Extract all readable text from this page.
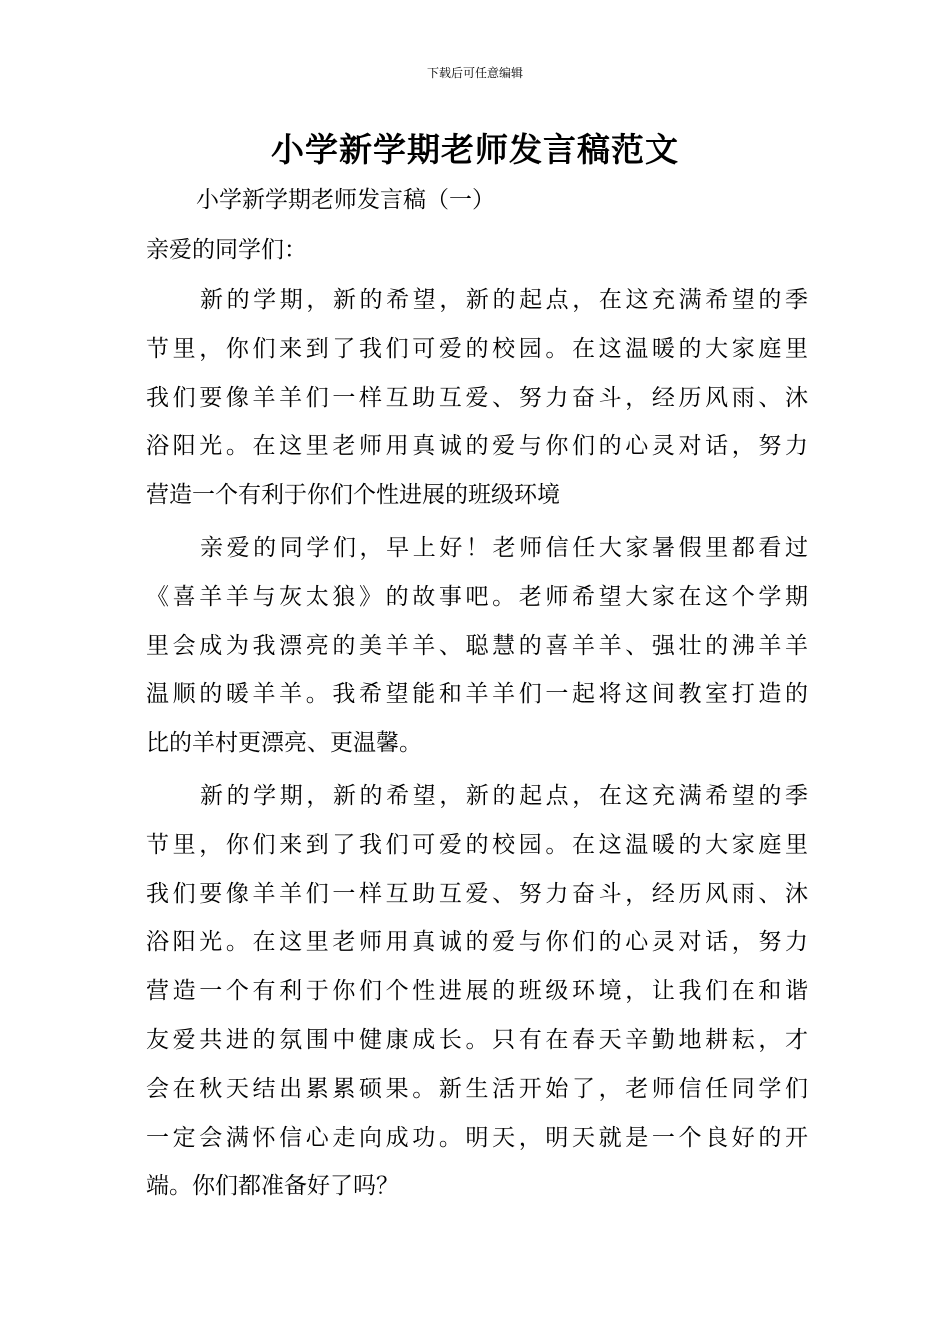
下载后可任意编辑
小学新学期老师发言稿范文
小学新学期老师发言稿（一）
亲爱的同学们：
新的学期，新的希望，新的起点，在这充满希望的季
节里，你们来到了我们可爱的校园。在这温暖的大家庭里
我们要像羊羊们一样互助互爱、努力奋斗，经历风雨、沐
浴阳光。在这里老师用真诚的爱与你们的心灵对话，努力
营造一个有利于你们个性进展的班级环境
亲爱的同学们，早上好！老师信任大家暑假里都看过
《喜羊羊与灰太狼》的故事吧。老师希望大家在这个学期
里会成为我漂亮的美羊羊、聪慧的喜羊羊、强壮的沸羊羊
温顺的暖羊羊。我希望能和羊羊们一起将这间教室打造的
比的羊村更漂亮、更温馨。
新的学期，新的希望，新的起点，在这充满希望的季
节里，你们来到了我们可爱的校园。在这温暖的大家庭里
我们要像羊羊们一样互助互爱、努力奋斗，经历风雨、沐
浴阳光。在这里老师用真诚的爱与你们的心灵对话，努力
营造一个有利于你们个性进展的班级环境，让我们在和谐
友爱共进的氛围中健康成长。只有在春天辛勤地耕耘，才
会在秋天结出累累硕果。新生活开始了，老师信任同学们
一定会满怀信心走向成功。明天，明天就是一个良好的开
端。你们都准备好了吗？
